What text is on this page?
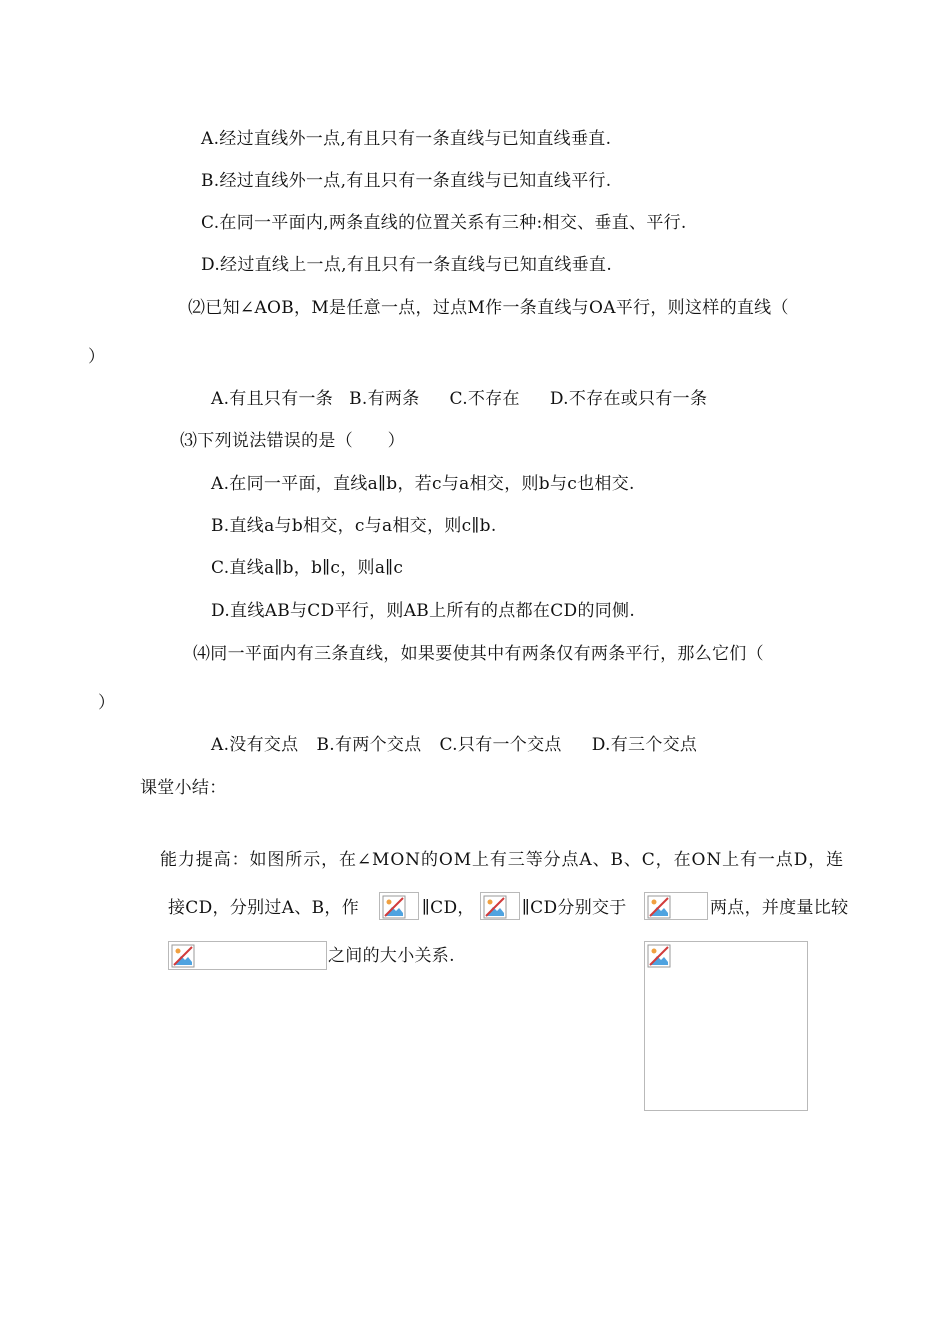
A.经过直线外一点,有且只有一条直线与已知直线垂直.
B.经过直线外一点,有且只有一条直线与已知直线平行.
C.在同一平面内,两条直线的位置关系有三种:相交、垂直、平行.
D.经过直线上一点,有且只有一条直线与已知直线垂直.
⑵已知∠AOB，M是任意一点，过点M作一条直线与OA平行，则这样的直线（
）
A.有且只有一条 B.有两条 C.不存在 D.不存在或只有一条
⑶下列说法错误的是（　　）
A.在同一平面，直线a∥b，若c与a相交，则b与c也相交.
B.直线a与b相交，c与a相交，则c∥b.
C.直线a∥b，b∥c，则a∥c
D.直线AB与CD平行，则AB上所有的点都在CD的同侧.
⑷同一平面内有三条直线，如果要使其中有两条仅有两条平行，那么它们（
）
A.没有交点 B.有两个交点 C.只有一个交点 D.有三个交点
课堂小结：
能力提高：如图所示，在∠MON的OM上有三等分点A、B、C，在ON上有一点D，连
接CD，分别过A、B，作	∥CD，	∥CD分别交于	两点，并度量比较
之间的大小关系.
